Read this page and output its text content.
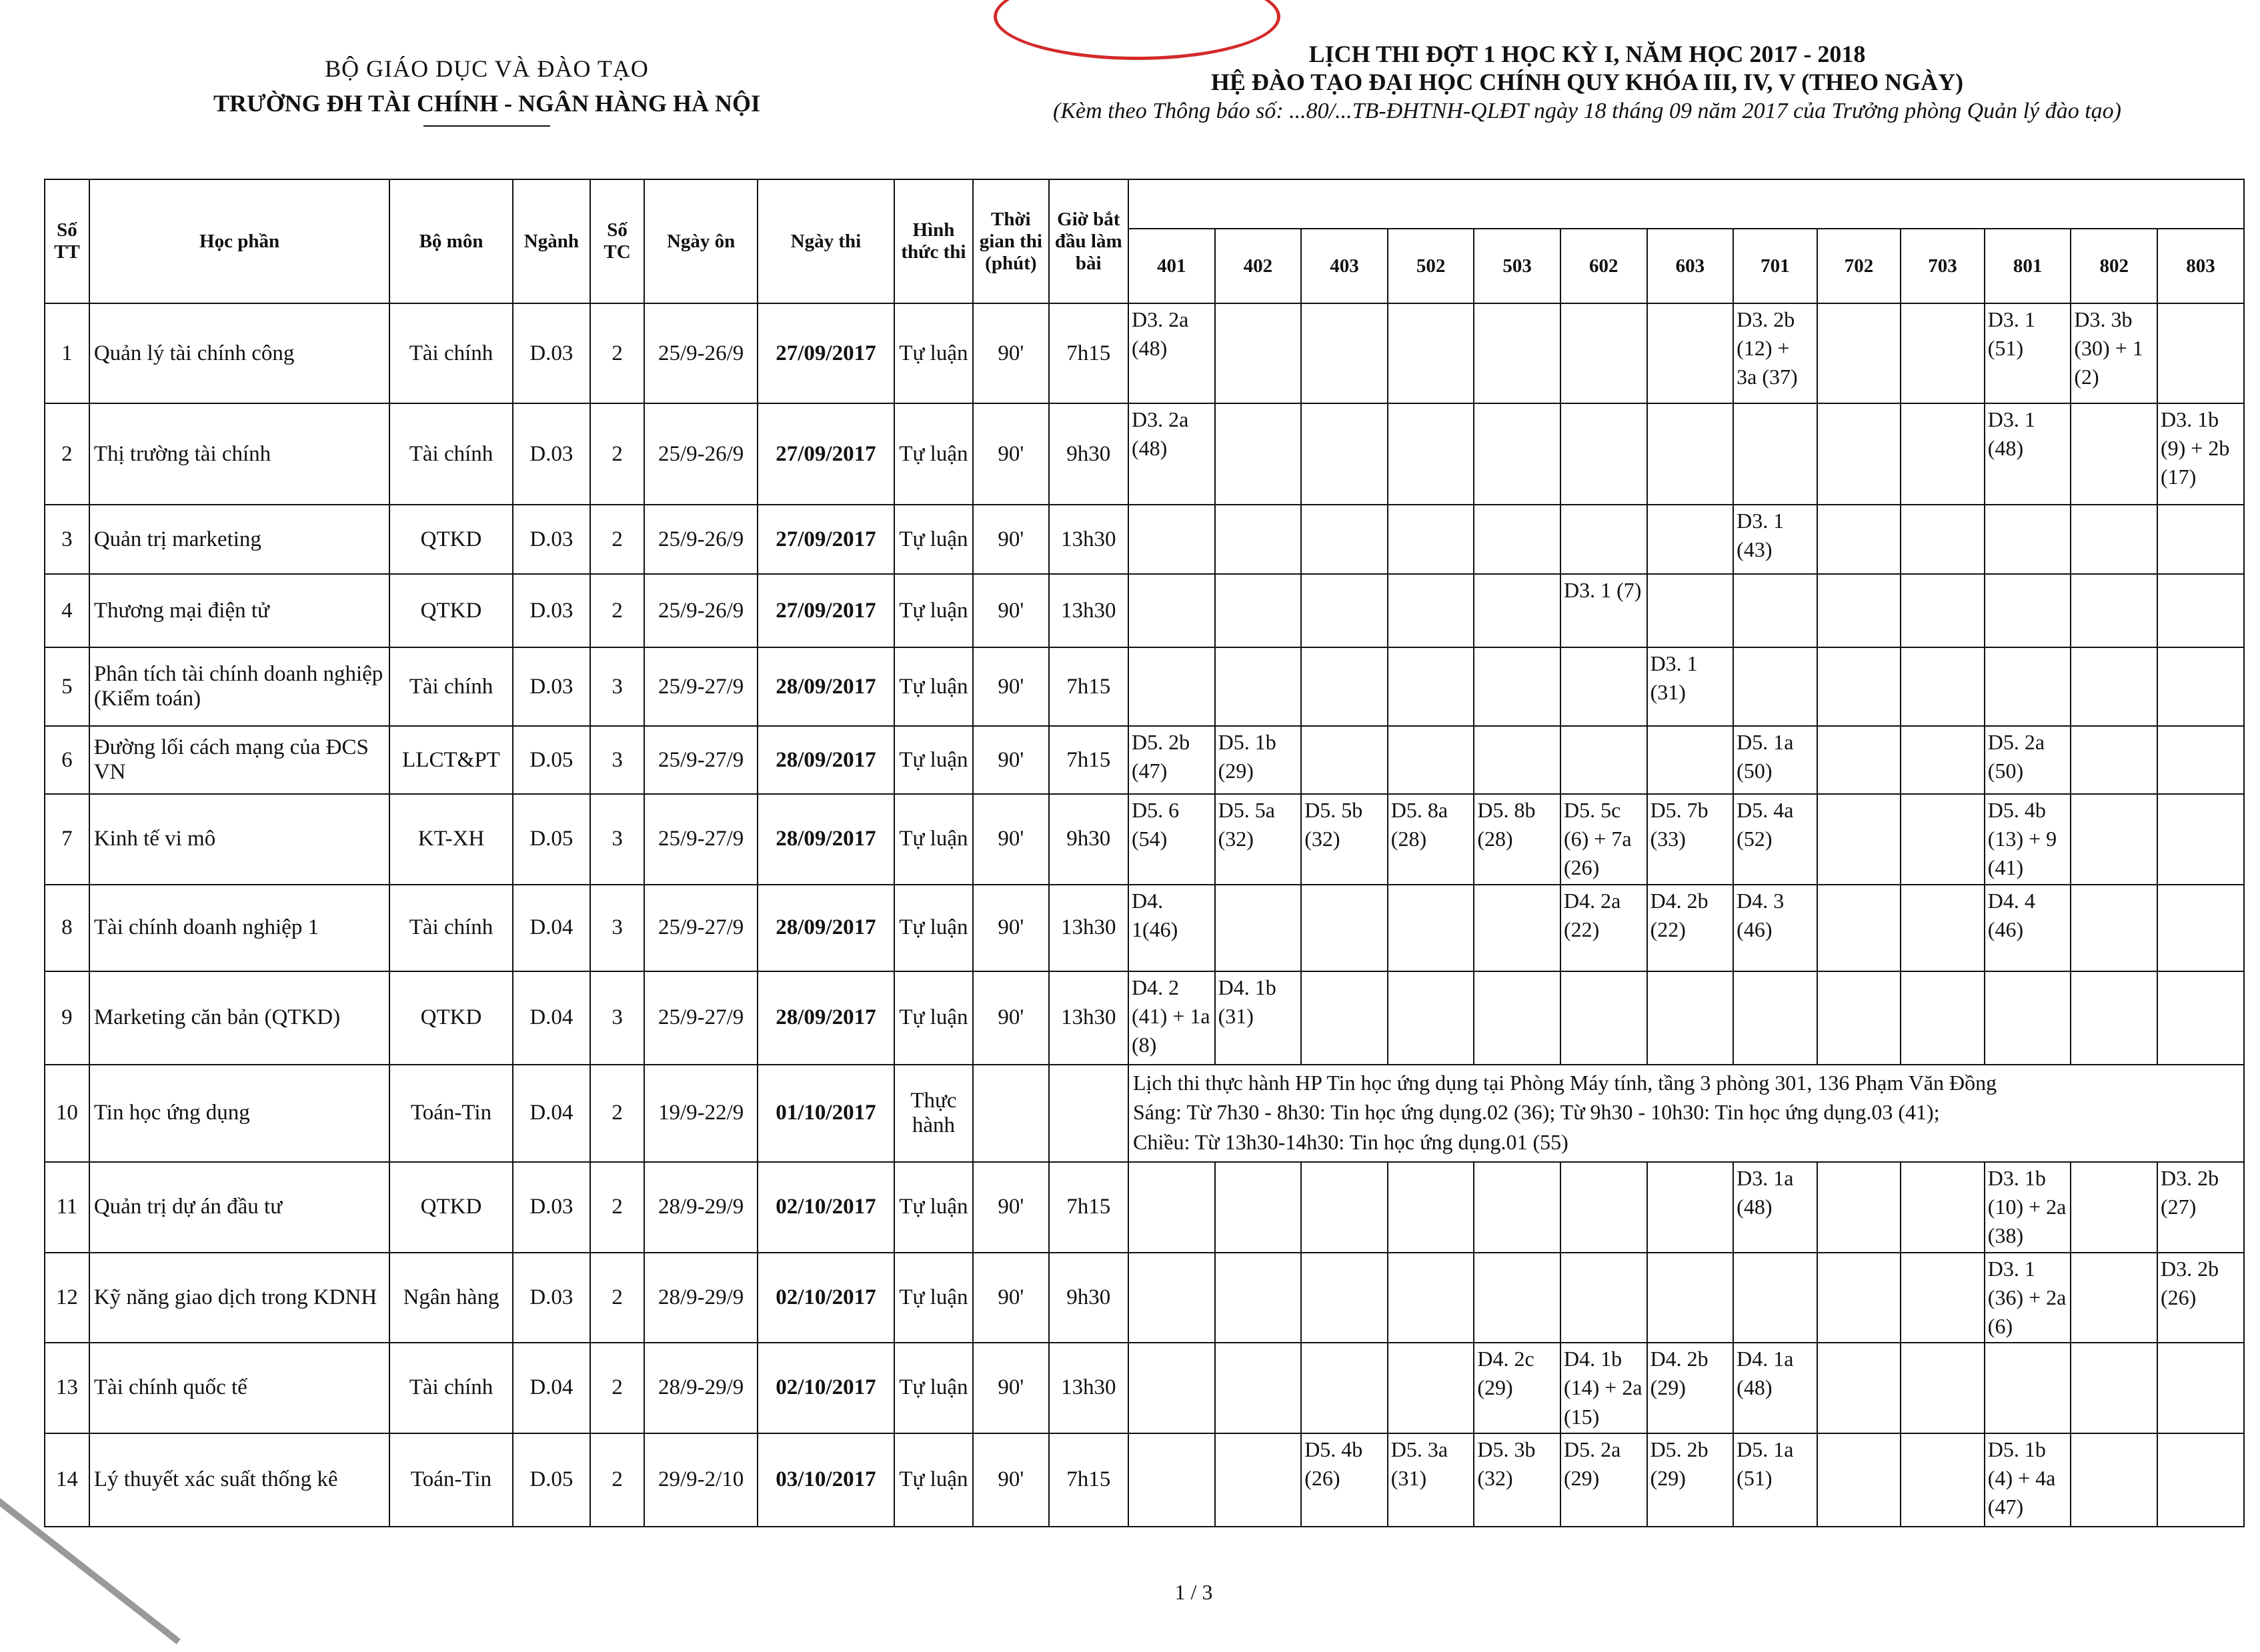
BỘ GIÁO DỤC VÀ ĐÀO TẠO
TRƯỜNG ĐH TÀI CHÍNH - NGÂN HÀNG HÀ NỘI
LỊCH THI ĐỢT 1 HỌC KỲ I, NĂM HỌC 2017 - 2018
HỆ ĐÀO TẠO ĐẠI HỌC CHÍNH QUY KHÓA III, IV, V (THEO NGÀY)
(Kèm theo Thông báo số: ...80/...TB-ĐHTNH-QLĐT ngày 18 tháng 09 năm 2017 của Trưởng phòng Quản lý đào tạo)
Số TT	Học phần	Bộ môn	Ngành	Số TC	Ngày ôn	Ngày thi	Hình thức thi	Thời gian thi (phút)	Giờ bắt đầu làm bài													
										401	402	403	502	503	602	603	701	702	703	801	802	803
1	Quản lý tài chính công	Tài chính	D.03	2	25/9-26/9	27/09/2017	Tự luận	90'	7h15	D3. 2a (48)							D3. 2b (12) + 3a (37)			D3. 1 (51)	D3. 3b (30) + 1 (2)	
2	Thị trường tài chính	Tài chính	D.03	2	25/9-26/9	27/09/2017	Tự luận	90'	9h30	D3. 2a (48)										D3. 1 (48)		D3. 1b (9) + 2b (17)
3	Quản trị marketing	QTKD	D.03	2	25/9-26/9	27/09/2017	Tự luận	90'	13h30								D3. 1 (43)					
4	Thương mại điện tử	QTKD	D.03	2	25/9-26/9	27/09/2017	Tự luận	90'	13h30						D3. 1 (7)							
5	Phân tích tài chính doanh nghiệp (Kiểm toán)	Tài chính	D.03	3	25/9-27/9	28/09/2017	Tự luận	90'	7h15							D3. 1 (31)						
6	Đường lối cách mạng của ĐCS VN	LLCT&PT	D.05	3	25/9-27/9	28/09/2017	Tự luận	90'	7h15	D5. 2b (47)	D5. 1b (29)						D5. 1a (50)			D5. 2a (50)		
7	Kinh tế vi mô	KT-XH	D.05	3	25/9-27/9	28/09/2017	Tự luận	90'	9h30	D5. 6 (54)	D5. 5a (32)	D5. 5b (32)	D5. 8a (28)	D5. 8b (28)	D5. 5c (6) + 7a (26)	D5. 7b (33)	D5. 4a (52)			D5. 4b (13) + 9 (41)		
8	Tài chính doanh nghiệp 1	Tài chính	D.04	3	25/9-27/9	28/09/2017	Tự luận	90'	13h30	D4. 1(46)					D4. 2a (22)	D4. 2b (22)	D4. 3 (46)			D4. 4 (46)		
9	Marketing căn bản (QTKD)	QTKD	D.04	3	25/9-27/9	28/09/2017	Tự luận	90'	13h30	D4. 2 (41) + 1a (8)	D4. 1b (31)											
10	Tin học ứng dụng	Toán-Tin	D.04	2	19/9-22/9	01/10/2017	Thực hành			Lịch thi thực hành HP Tin học ứng dụng tại Phòng Máy tính, tầng 3 phòng 301, 136 Phạm Văn Đồng
Sáng: Từ 7h30 - 8h30: Tin học ứng dụng.02 (36); Từ 9h30 - 10h30: Tin học ứng dụng.03 (41);
Chiều: Từ 13h30-14h30: Tin học ứng dụng.01 (55)												

11	Quản trị dự án đầu tư	QTKD	D.03	2	28/9-29/9	02/10/2017	Tự luận	90'	7h15								D3. 1a (48)			D3. 1b (10) + 2a (38)		D3. 2b (27)
12	Kỹ năng giao dịch trong KDNH	Ngân hàng	D.03	2	28/9-29/9	02/10/2017	Tự luận	90'	9h30											D3. 1 (36) + 2a (6)		D3. 2b (26)
13	Tài chính quốc tế	Tài chính	D.04	2	28/9-29/9	02/10/2017	Tự luận	90'	13h30					D4. 2c (29)	D4. 1b (14) + 2a (15)	D4. 2b (29)	D4. 1a (48)					
14	Lý thuyết xác suất thống kê	Toán-Tin	D.05	2	29/9-2/10	03/10/2017	Tự luận	90'	7h15			D5. 4b (26)	D5. 3a (31)	D5. 3b (32)	D5. 2a (29)	D5. 2b (29)	D5. 1a (51)			D5. 1b (4) + 4a (47)		
1 / 3
